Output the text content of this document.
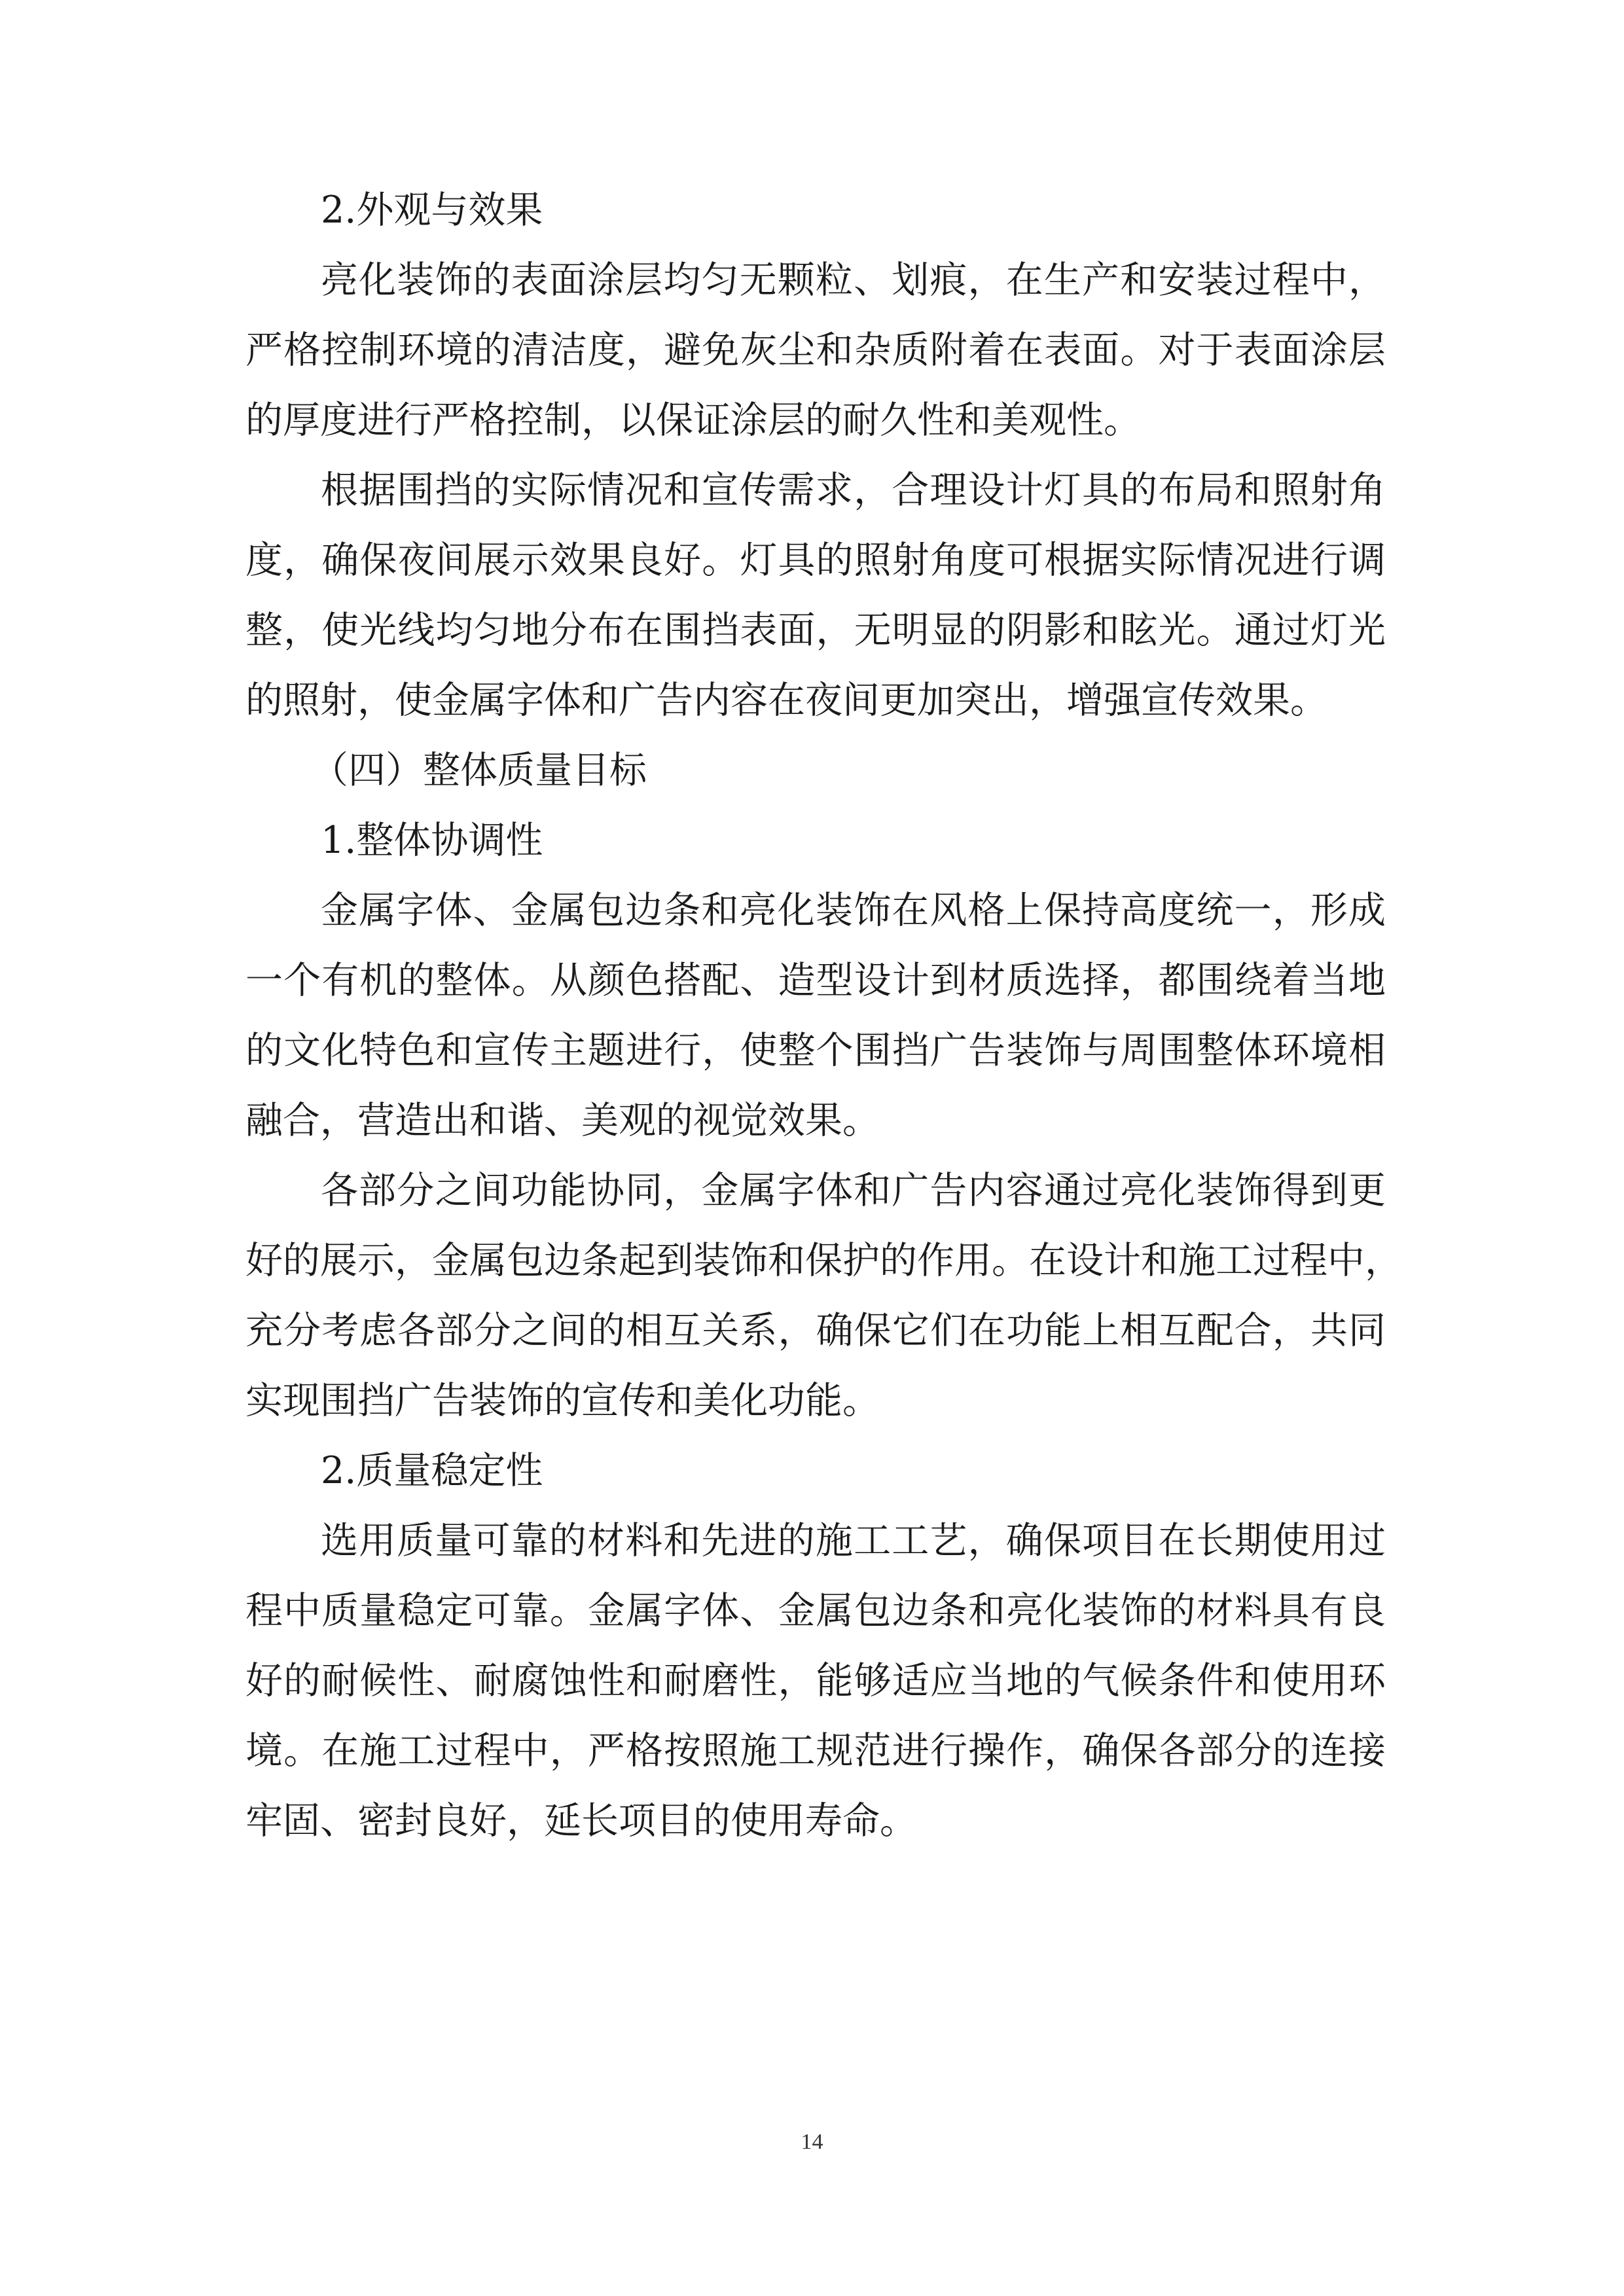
2.外观与效果
亮化装饰的表面涂层均匀无颗粒、划痕，在生产和安装过程中，
严格控制环境的清洁度，避免灰尘和杂质附着在表面。对于表面涂层
的厚度进行严格控制，以保证涂层的耐久性和美观性。
根据围挡的实际情况和宣传需求，合理设计灯具的布局和照射角
度，确保夜间展示效果良好。灯具的照射角度可根据实际情况进行调
整，使光线均匀地分布在围挡表面，无明显的阴影和眩光。通过灯光
的照射，使金属字体和广告内容在夜间更加突出，增强宣传效果。
（四）整体质量目标
1.整体协调性
金属字体、金属包边条和亮化装饰在风格上保持高度统一，形成
一个有机的整体。从颜色搭配、造型设计到材质选择，都围绕着当地
的文化特色和宣传主题进行，使整个围挡广告装饰与周围整体环境相
融合，营造出和谐、美观的视觉效果。
各部分之间功能协同，金属字体和广告内容通过亮化装饰得到更
好的展示，金属包边条起到装饰和保护的作用。在设计和施工过程中，
充分考虑各部分之间的相互关系，确保它们在功能上相互配合，共同
实现围挡广告装饰的宣传和美化功能。
2.质量稳定性
选用质量可靠的材料和先进的施工工艺，确保项目在长期使用过
程中质量稳定可靠。金属字体、金属包边条和亮化装饰的材料具有良
好的耐候性、耐腐蚀性和耐磨性，能够适应当地的气候条件和使用环
境。在施工过程中，严格按照施工规范进行操作，确保各部分的连接
牢固、密封良好，延长项目的使用寿命。
14
